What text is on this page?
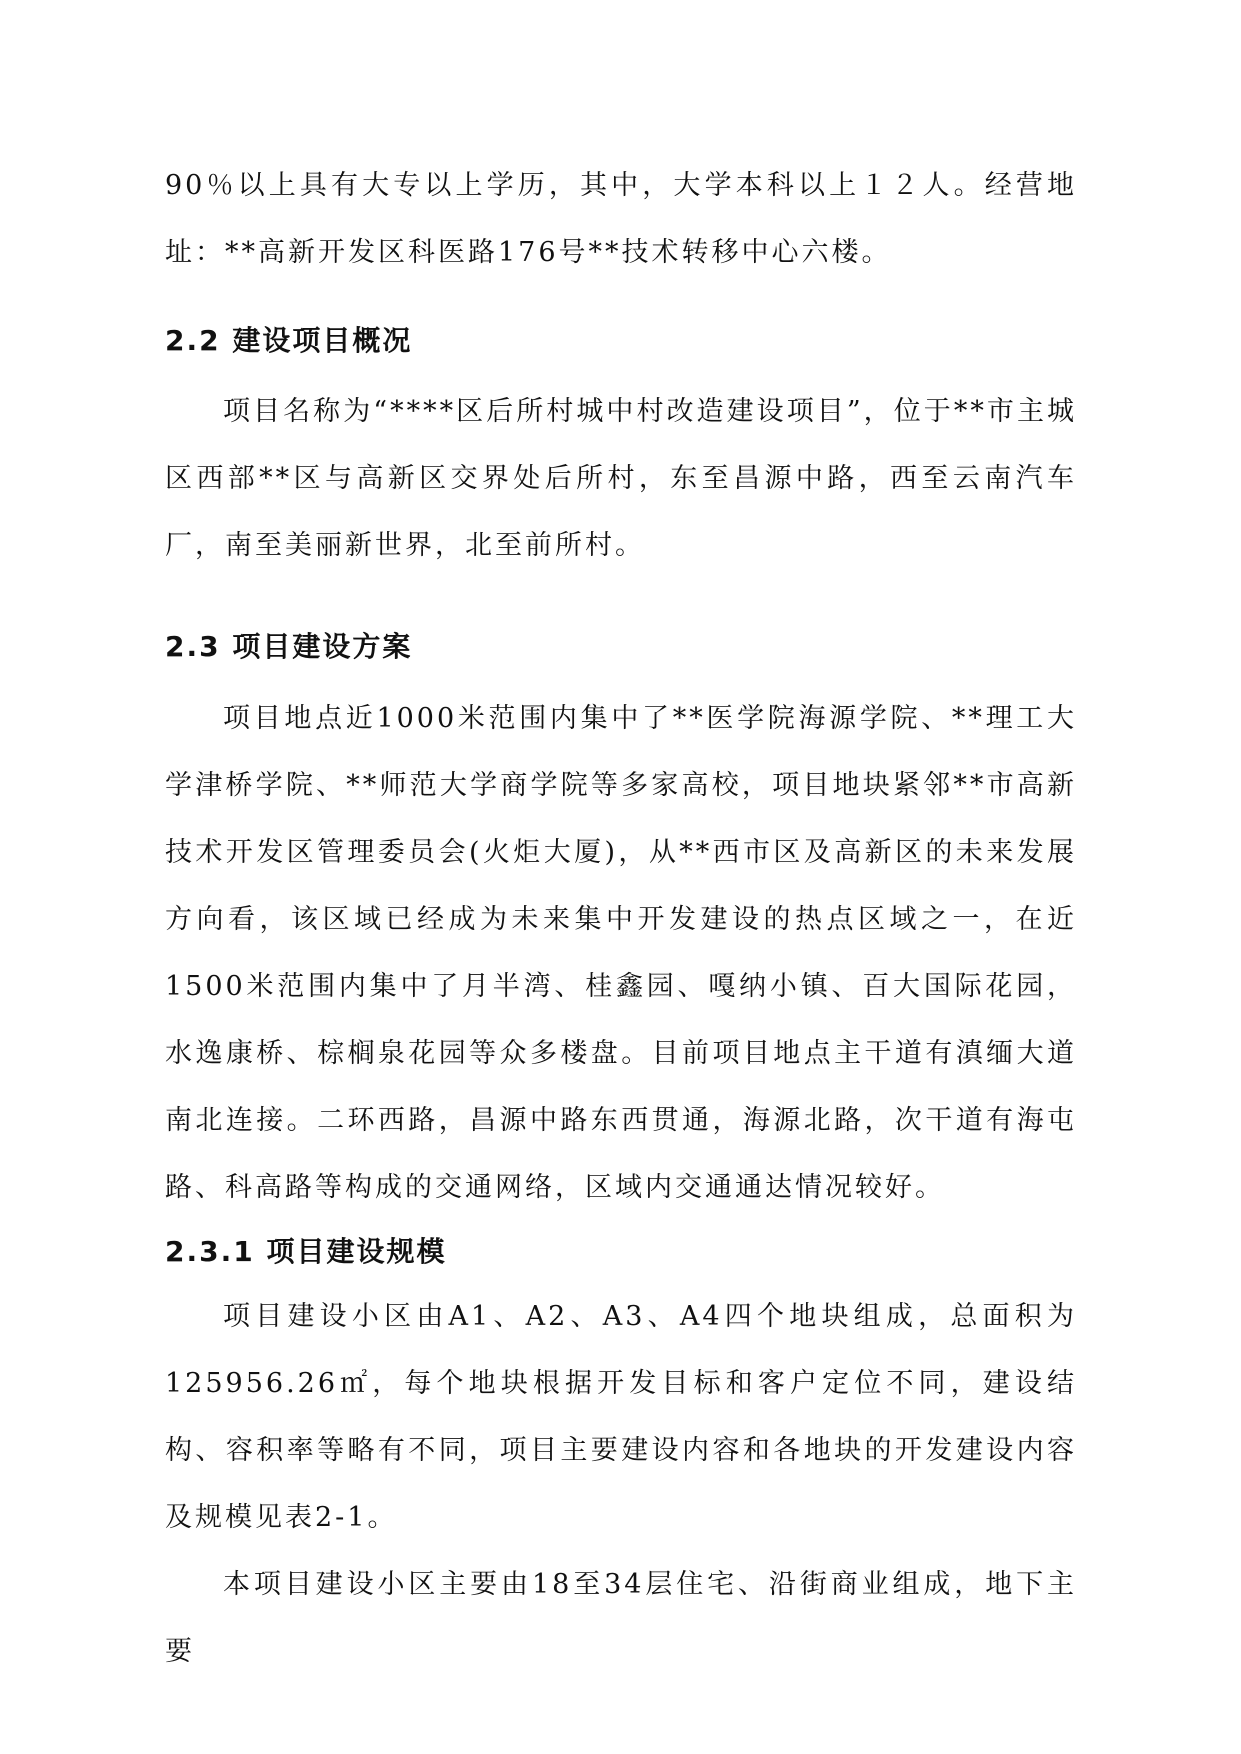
90％以上具有大专以上学历，其中，大学本科以上１２人。经营地址：**高新开发区科医路176号**技术转移中心六楼。

2.2 建设项目概况

项目名称为“****区后所村城中村改造建设项目”，位于**市主城区西部**区与高新区交界处后所村，东至昌源中路，西至云南汽车厂，南至美丽新世界，北至前所村。

2.3 项目建设方案

项目地点近1000米范围内集中了**医学院海源学院、**理工大学津桥学院、**师范大学商学院等多家高校，项目地块紧邻**市高新技术开发区管理委员会(火炬大厦)，从**西市区及高新区的未来发展方向看，该区域已经成为未来集中开发建设的热点区域之一，在近1500米范围内集中了月半湾、桂鑫园、嘎纳小镇、百大国际花园，水逸康桥、棕榈泉花园等众多楼盘。目前项目地点主干道有滇缅大道南北连接。二环西路，昌源中路东西贯通，海源北路，次干道有海屯路、科高路等构成的交通网络，区域内交通通达情况较好。

2.3.1 项目建设规模

项目建设小区由A1、A2、A3、A4四个地块组成，总面积为125956.26㎡，每个地块根据开发目标和客户定位不同，建设结构、容积率等略有不同，项目主要建设内容和各地块的开发建设内容及规模见表2-1。

本项目建设小区主要由18至34层住宅、沿街商业组成，地下主要
